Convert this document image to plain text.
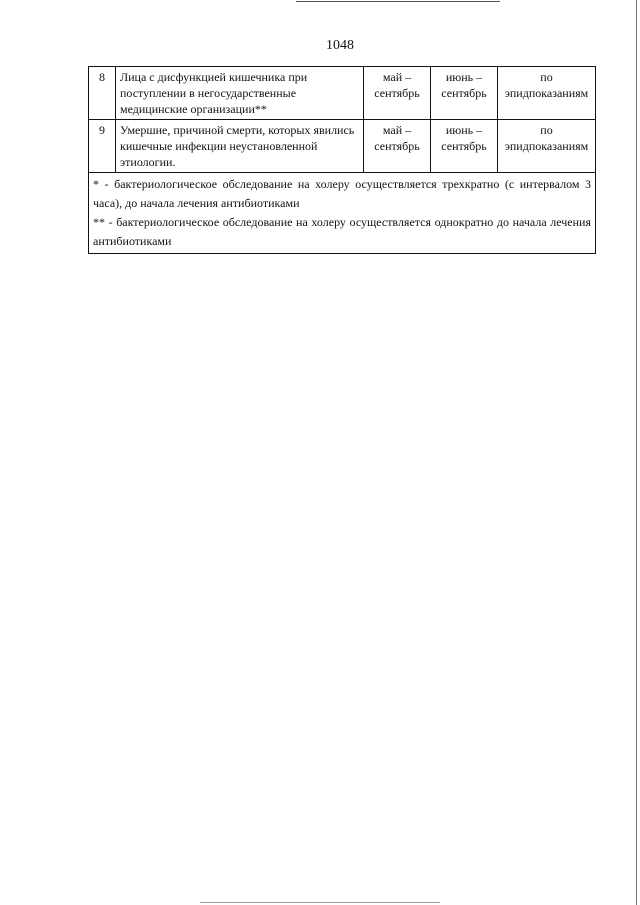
1048
8	Лица с дисфункцией кишечника при поступлении в негосударственные медицинские организации**	май – сентябрь	июнь – сентябрь	по эпидпоказаниям
9	Умершие, причиной смерти, которых явились кишечные инфекции неустановленной этиологии.	май – сентябрь	июнь – сентябрь	по эпидпоказаниям

* - бактериологическое обследование на холеру осуществляется трехкратно (с интервалом 3 часа), до начала лечения антибиотиками
** - бактериологическое обследование на холеру осуществляется однократно до начала лечения антибиотиками				
